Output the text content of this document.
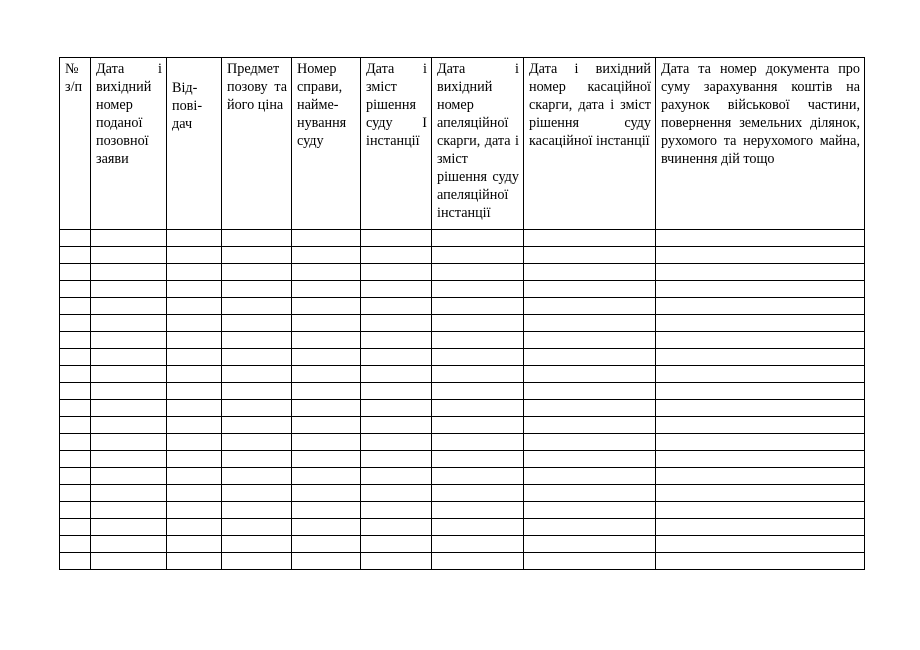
№ з/п	Дата і вихідний номер поданої позовної заяви	Від-пові-дач	Предмет позову та його ціна	Номер справи, найме-нування суду	Дата і зміст рішення суду І інстанції	Дата і вихідний номер апеляційної скарги, дата і зміст рішення суду апеляційної інстанції	Дата і вихідний номер касаційної скарги, дата і зміст рішення суду касаційної інстанції	Дата та номер документа про суму зарахування коштів на рахунок військової частини, повернення земельних ділянок, рухомого та нерухомого майна, вчинення дій тощо
